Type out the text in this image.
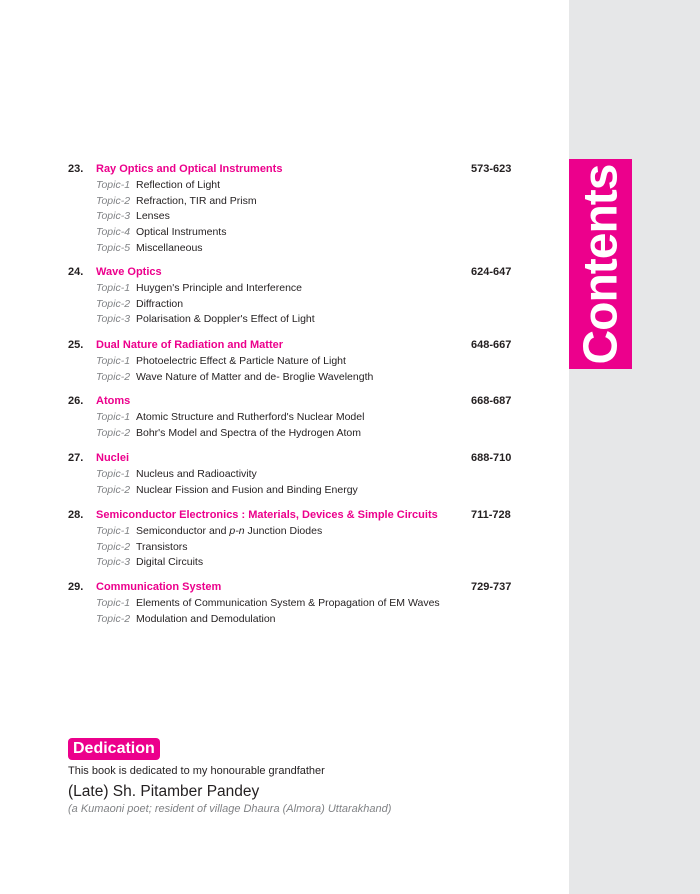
Contents
23.	Ray Optics and Optical Instruments	573-623
Topic-1 Reflection of Light
Topic-2 Refraction, TIR and Prism
Topic-3 Lenses
Topic-4 Optical Instruments
Topic-5 Miscellaneous
24.	Wave Optics	624-647
Topic-1 Huygen's Principle and Interference
Topic-2 Diffraction
Topic-3 Polarisation & Doppler's Effect of Light
25.	Dual Nature of Radiation and Matter	648-667
Topic-1 Photoelectric Effect & Particle Nature of Light
Topic-2 Wave Nature of Matter and de- Broglie Wavelength
26.	Atoms	668-687
Topic-1 Atomic Structure and Rutherford's Nuclear Model
Topic-2 Bohr's Model and Spectra of the Hydrogen Atom
27.	Nuclei	688-710
Topic-1 Nucleus and Radioactivity
Topic-2 Nuclear Fission and Fusion and Binding Energy
28.	Semiconductor Electronics : Materials, Devices & Simple Circuits	711-728
Topic-1 Semiconductor and p-n Junction Diodes
Topic-2 Transistors
Topic-3 Digital Circuits
29.	Communication System	729-737
Topic-1 Elements of Communication System & Propagation of EM Waves
Topic-2 Modulation and Demodulation
Dedication
This book is dedicated to my honourable grandfather
(Late) Sh. Pitamber Pandey
(a Kumaoni poet; resident of village Dhaura (Almora) Uttarakhand)
